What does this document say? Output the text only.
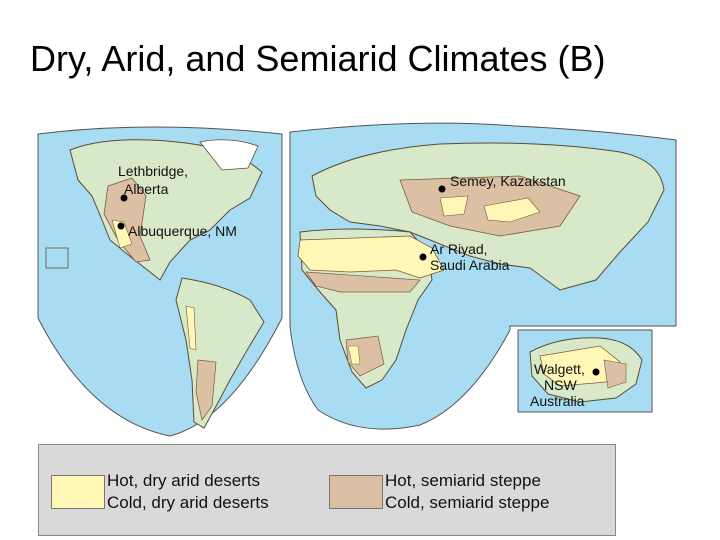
Dry, Arid, and Semiarid Climates (B)
Lethbridge,
Alberta
Albuquerque, NM
Semey, Kazakstan
Ar Riyad,
Saudi Arabia
Walgett,
NSW
Australia
Hot, dry arid deserts
Cold, dry arid deserts
Hot, semiarid steppe
Cold, semiarid steppe
